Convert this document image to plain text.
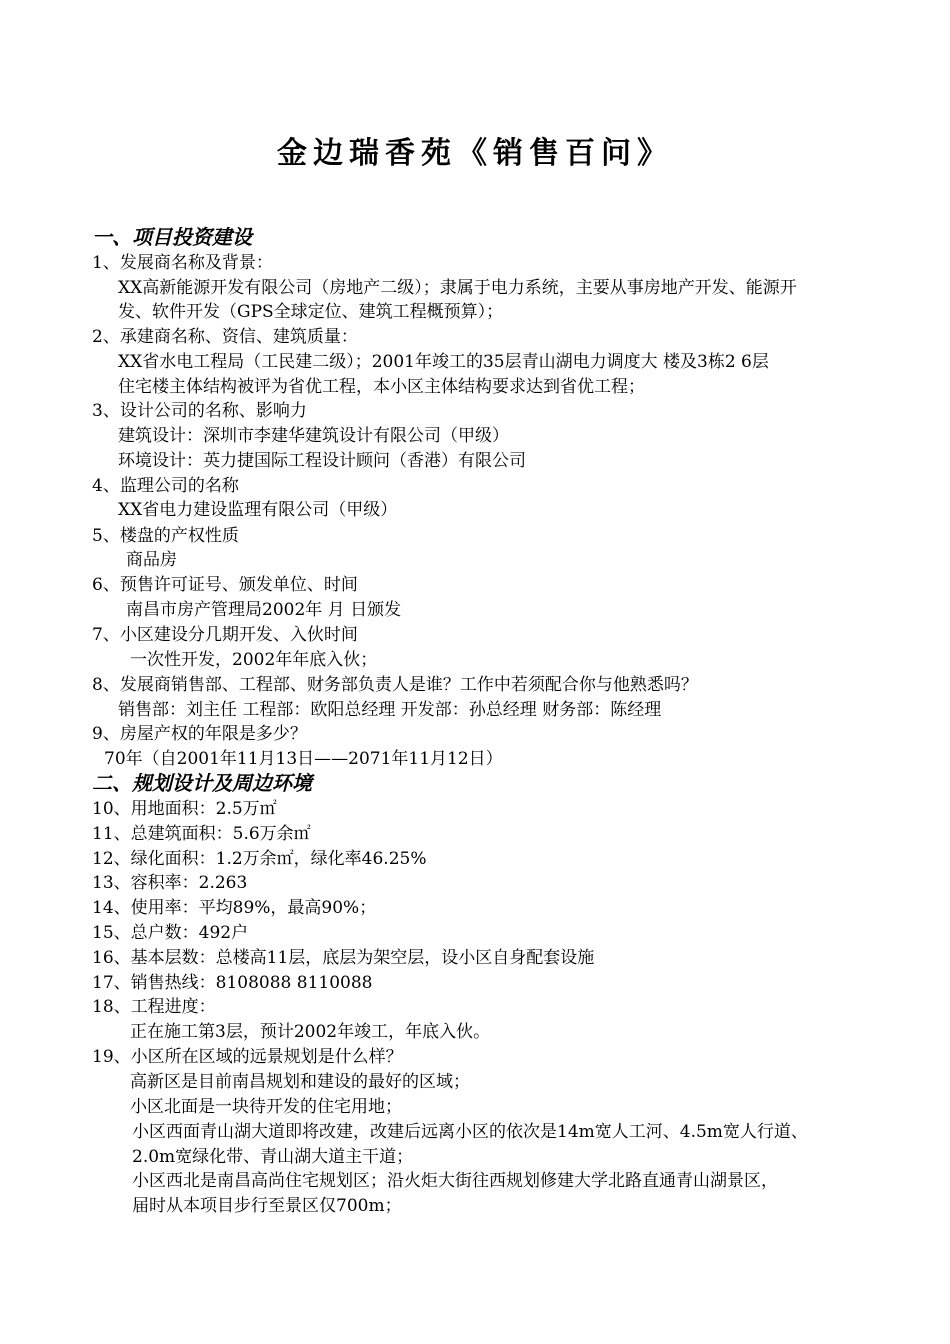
金边瑞香苑《销售百问》
一、项目投资建设
1、发展商名称及背景：
XX高新能源开发有限公司（房地产二级）；隶属于电力系统，主要从事房地产开发、能源开
发、软件开发（GPS全球定位、建筑工程概预算）；
2、承建商名称、资信、建筑质量：
XX省水电工程局（工民建二级）；2001年竣工的35层青山湖电力调度大 楼及3栋2 6层
住宅楼主体结构被评为省优工程，本小区主体结构要求达到省优工程；
3、设计公司的名称、影响力
建筑设计：深圳市李建华建筑设计有限公司（甲级）
环境设计：英力捷国际工程设计顾问（香港）有限公司
4、监理公司的名称
XX省电力建设监理有限公司（甲级）
5、楼盘的产权性质
商品房
6、预售许可证号、颁发单位、时间
南昌市房产管理局2002年 月 日颁发
7、小区建设分几期开发、入伙时间
一次性开发，2002年年底入伙；
8、发展商销售部、工程部、财务部负责人是谁？工作中若须配合你与他熟悉吗？
销售部：刘主任 工程部：欧阳总经理 开发部：孙总经理 财务部：陈经理
9、房屋产权的年限是多少？
70年（自2001年11月13日——2071年11月12日）
二、规划设计及周边环境
10、用地面积：2.5万㎡
11、总建筑面积：5.6万余㎡
12、绿化面积：1.2万余㎡，绿化率46.25%
13、容积率：2.263
14、使用率：平均89%，最高90%；
15、总户数：492户
16、基本层数：总楼高11层，底层为架空层，设小区自身配套设施
17、销售热线：8108088 8110088
18、工程进度：
正在施工第3层，预计2002年竣工，年底入伙。
19、小区所在区域的远景规划是什么样？
高新区是目前南昌规划和建设的最好的区域；
小区北面是一块待开发的住宅用地；
小区西面青山湖大道即将改建，改建后远离小区的依次是14m宽人工河、4.5m宽人行道、
2.0m宽绿化带、青山湖大道主干道；
小区西北是南昌高尚住宅规划区；沿火炬大街往西规划修建大学北路直通青山湖景区，
届时从本项目步行至景区仅700m；
